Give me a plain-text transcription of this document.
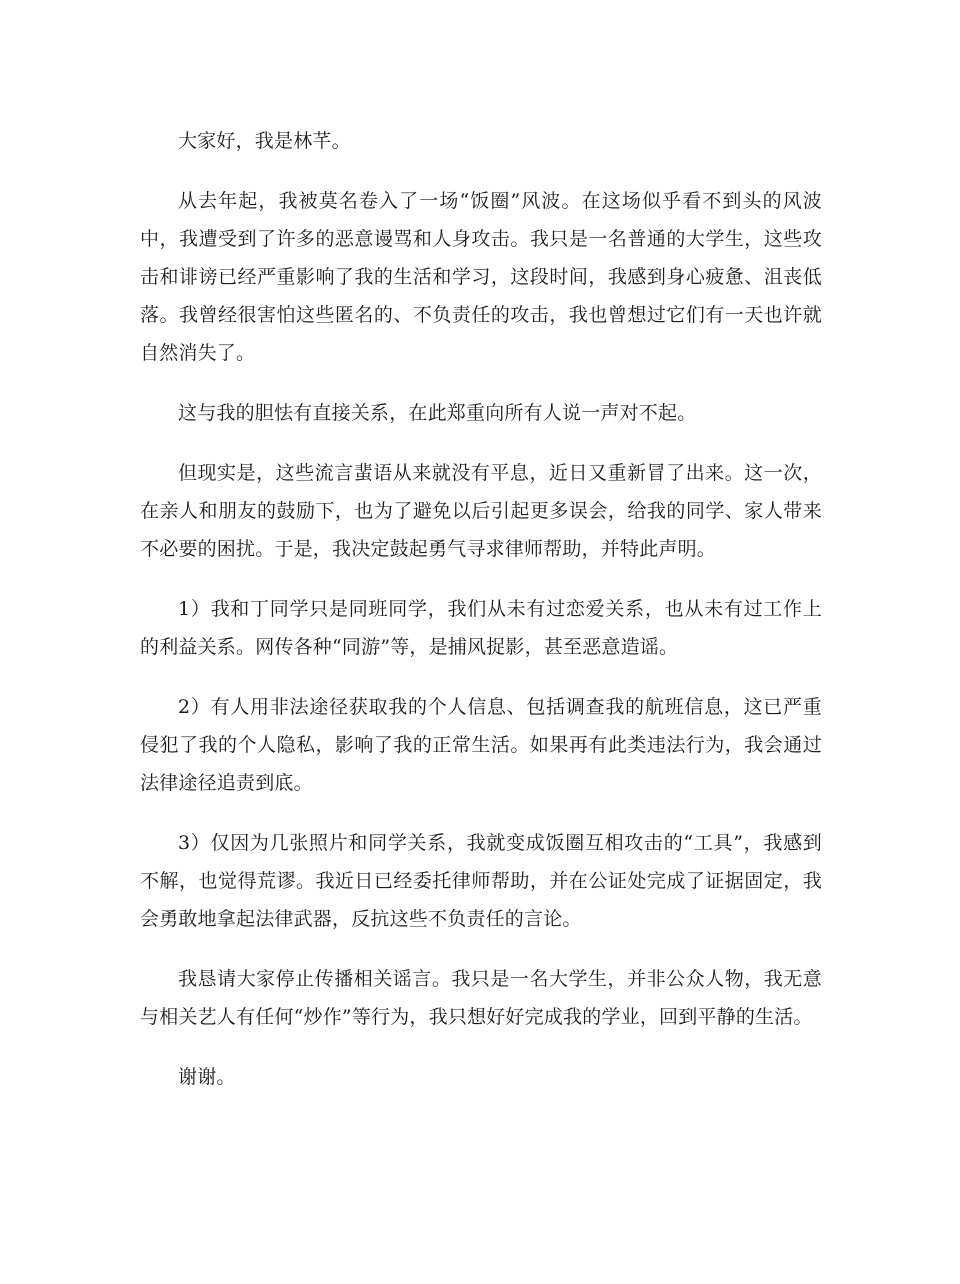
大家好，我是林芊。

从去年起，我被莫名卷入了一场“饭圈”风波。在这场似乎看不到头的风波中，我遭受到了许多的恶意谩骂和人身攻击。我只是一名普通的大学生，这些攻击和诽谤已经严重影响了我的生活和学习，这段时间，我感到身心疲惫、沮丧低落。我曾经很害怕这些匿名的、不负责任的攻击，我也曾想过它们有一天也许就自然消失了。

这与我的胆怯有直接关系，在此郑重向所有人说一声对不起。

但现实是，这些流言蜚语从来就没有平息，近日又重新冒了出来。这一次，在亲人和朋友的鼓励下，也为了避免以后引起更多误会，给我的同学、家人带来不必要的困扰。于是，我决定鼓起勇气寻求律师帮助，并特此声明。

1）我和丁同学只是同班同学，我们从未有过恋爱关系，也从未有过工作上的利益关系。网传各种“同游”等，是捕风捉影，甚至恶意造谣。

2）有人用非法途径获取我的个人信息、包括调查我的航班信息，这已严重侵犯了我的个人隐私，影响了我的正常生活。如果再有此类违法行为，我会通过法律途径追责到底。

3）仅因为几张照片和同学关系，我就变成饭圈互相攻击的“工具”，我感到不解，也觉得荒谬。我近日已经委托律师帮助，并在公证处完成了证据固定，我会勇敢地拿起法律武器，反抗这些不负责任的言论。

我恳请大家停止传播相关谣言。我只是一名大学生，并非公众人物，我无意与相关艺人有任何“炒作”等行为，我只想好好完成我的学业，回到平静的生活。

谢谢。
